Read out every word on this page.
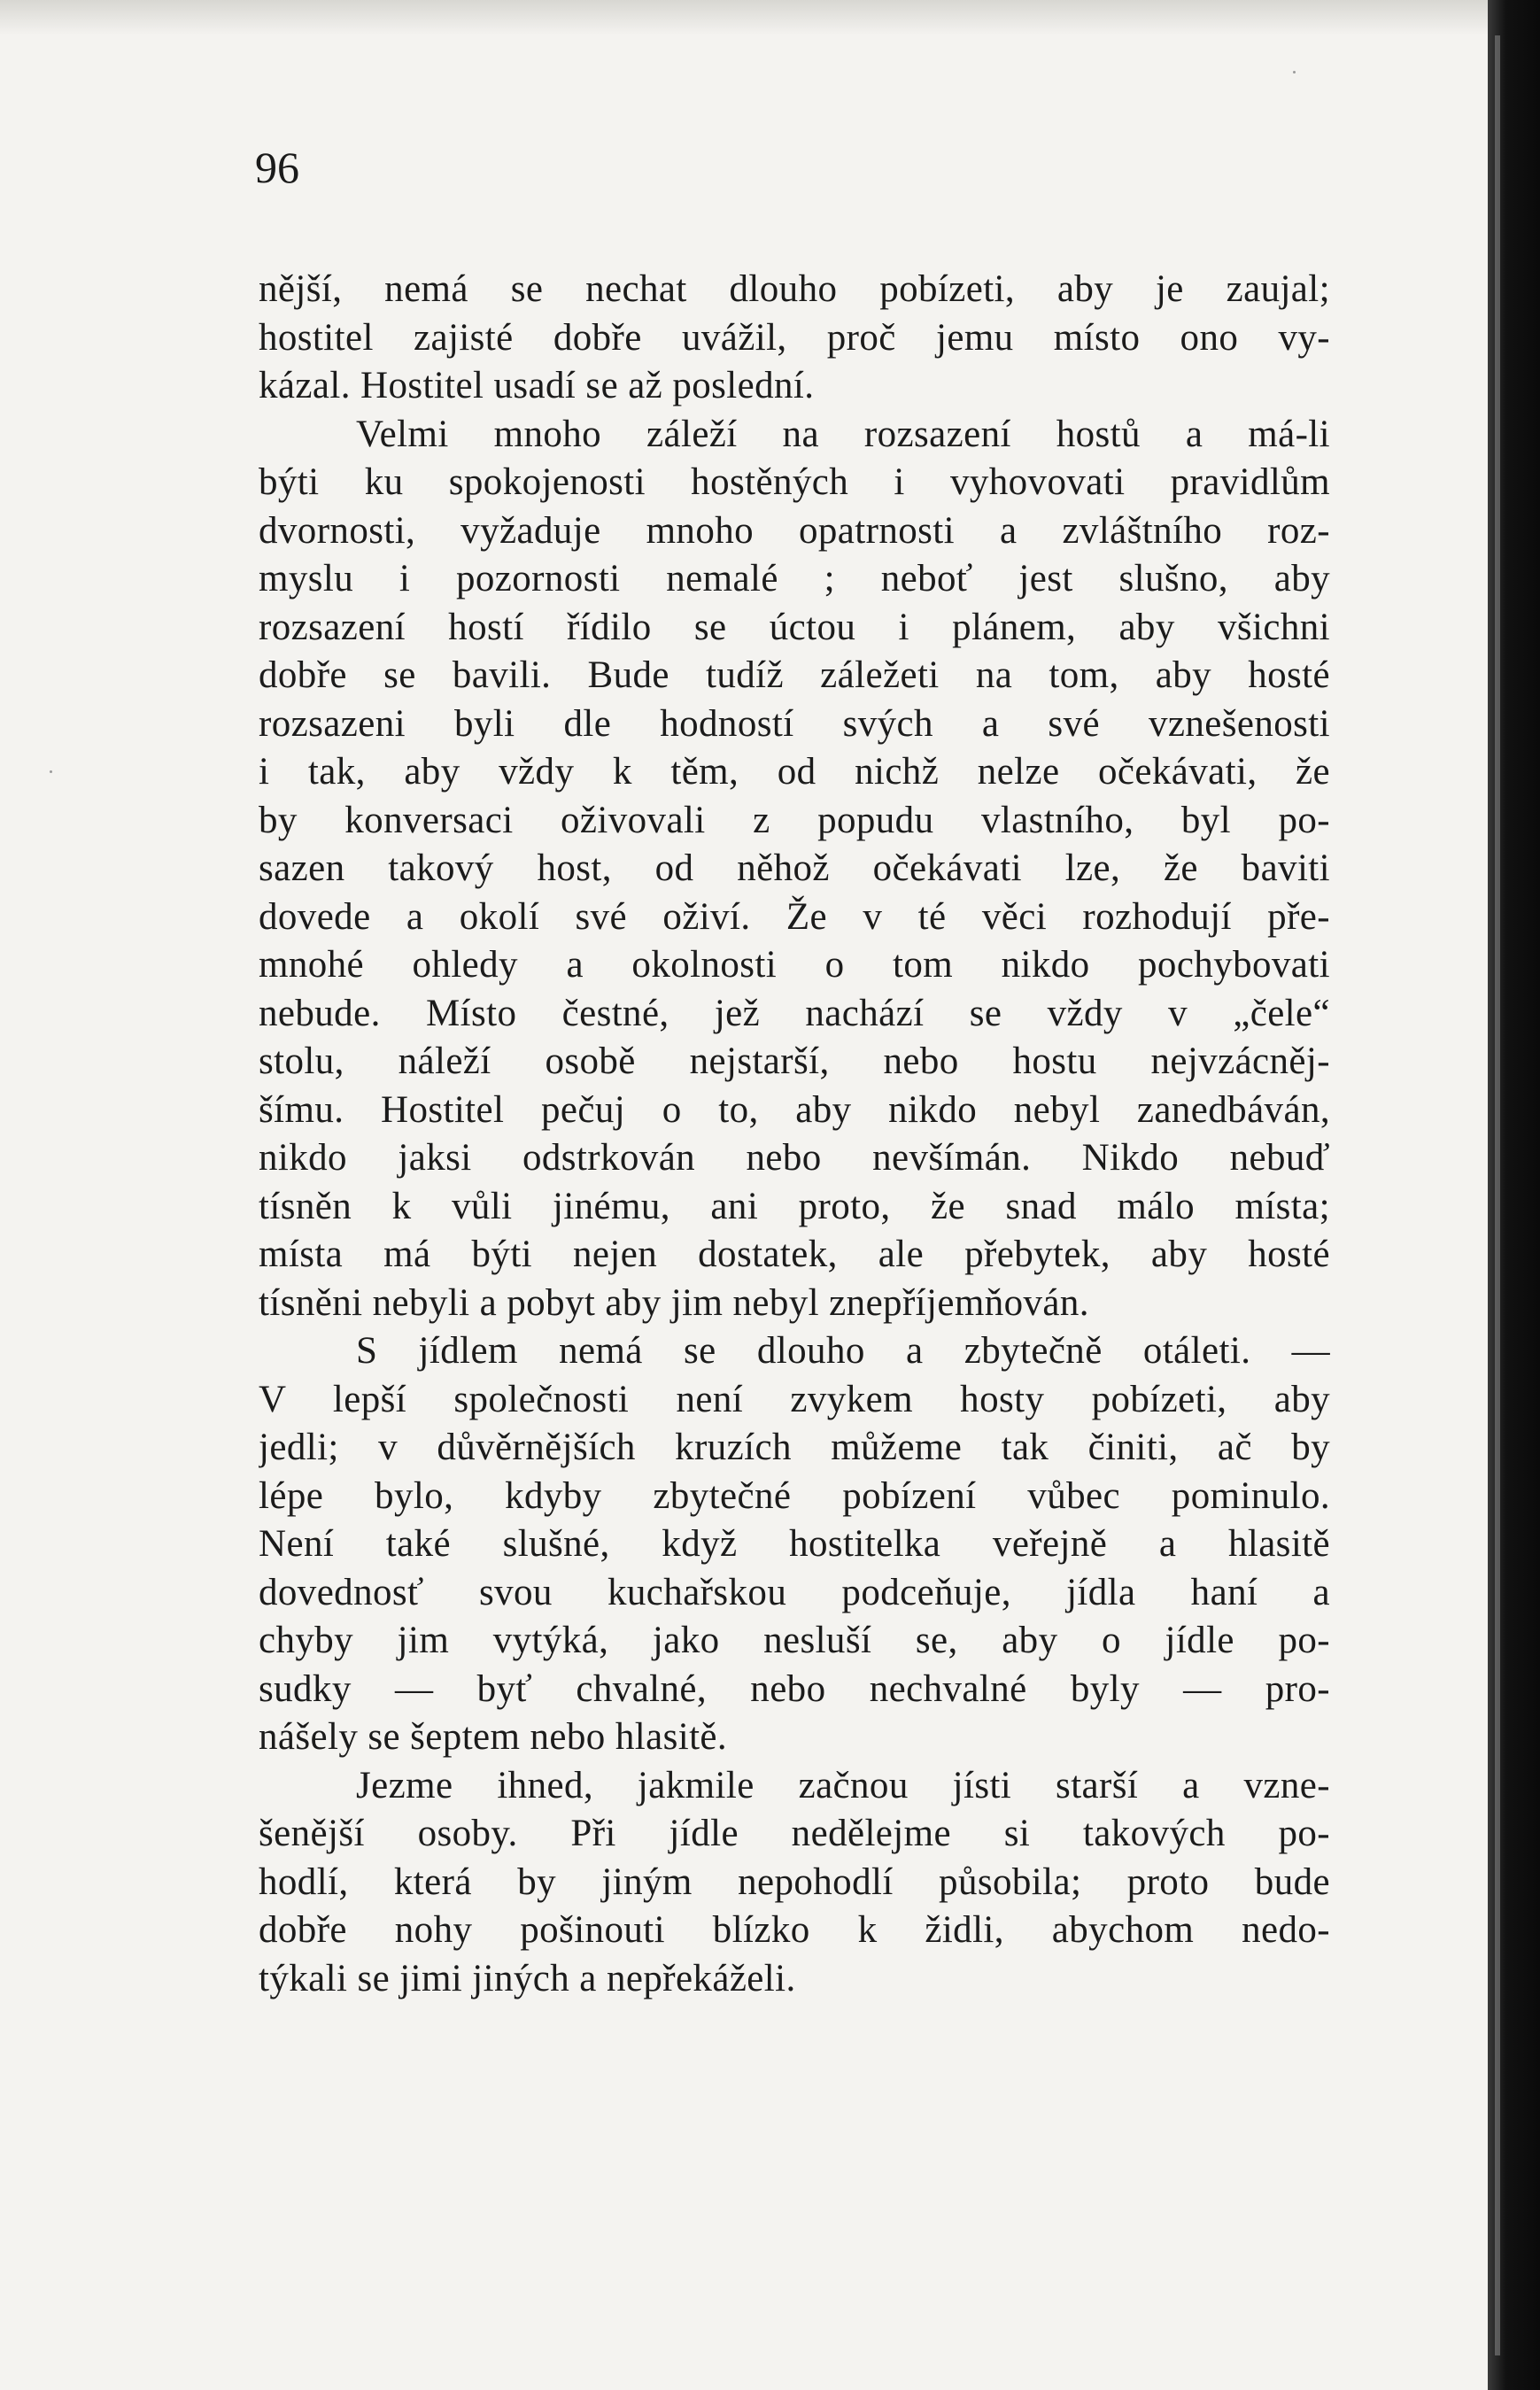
96
nější, nemá se nechat dlouho pobízeti, aby je zaujal;
hostitel zajisté dobře uvážil, proč jemu místo ono vy-
kázal. Hostitel usadí se až poslední.
Velmi mnoho záleží na rozsazení hostů a má-li
býti ku spokojenosti hostěných i vyhovovati pravidlům
dvornosti, vyžaduje mnoho opatrnosti a zvláštního roz-
myslu i pozornosti nemalé ; neboť jest slušno, aby
rozsazení hostí řídilo se úctou i plánem, aby všichni
dobře se bavili. Bude tudíž záležeti na tom, aby hosté
rozsazeni byli dle hodností svých a své vznešenosti
i tak, aby vždy k těm, od nichž nelze očekávati, že
by konversaci oživovali z popudu vlastního, byl po-
sazen takový host, od něhož očekávati lze, že baviti
dovede a okolí své oživí. Že v té věci rozhodují pře-
mnohé ohledy a okolnosti o tom nikdo pochybovati
nebude. Místo čestné, jež nachází se vždy v „čele“
stolu, náleží osobě nejstarší, nebo hostu nejvzácněj-
šímu. Hostitel pečuj o to, aby nikdo nebyl zanedbáván,
nikdo jaksi odstrkován nebo nevšímán. Nikdo nebuď
tísněn k vůli jinému, ani proto, že snad málo místa;
místa má býti nejen dostatek, ale přebytek, aby hosté
tísněni nebyli a pobyt aby jim nebyl znepříjemňován.
S jídlem nemá se dlouho a zbytečně otáleti. —
V lepší společnosti není zvykem hosty pobízeti, aby
jedli; v důvěrnějších kruzích můžeme tak činiti, ač by
lépe bylo, kdyby zbytečné pobízení vůbec pominulo.
Není také slušné, když hostitelka veřejně a hlasitě
dovednosť svou kuchařskou podceňuje, jídla haní a
chyby jim vytýká, jako nesluší se, aby o jídle po-
sudky — byť chvalné, nebo nechvalné byly — pro-
nášely se šeptem nebo hlasitě.
Jezme ihned, jakmile začnou jísti starší a vzne-
šenější osoby. Při jídle nedělejme si takových po-
hodlí, která by jiným nepohodlí působila; proto bude
dobře nohy pošinouti blízko k židli, abychom nedo-
týkali se jimi jiných a nepřekáželi.
